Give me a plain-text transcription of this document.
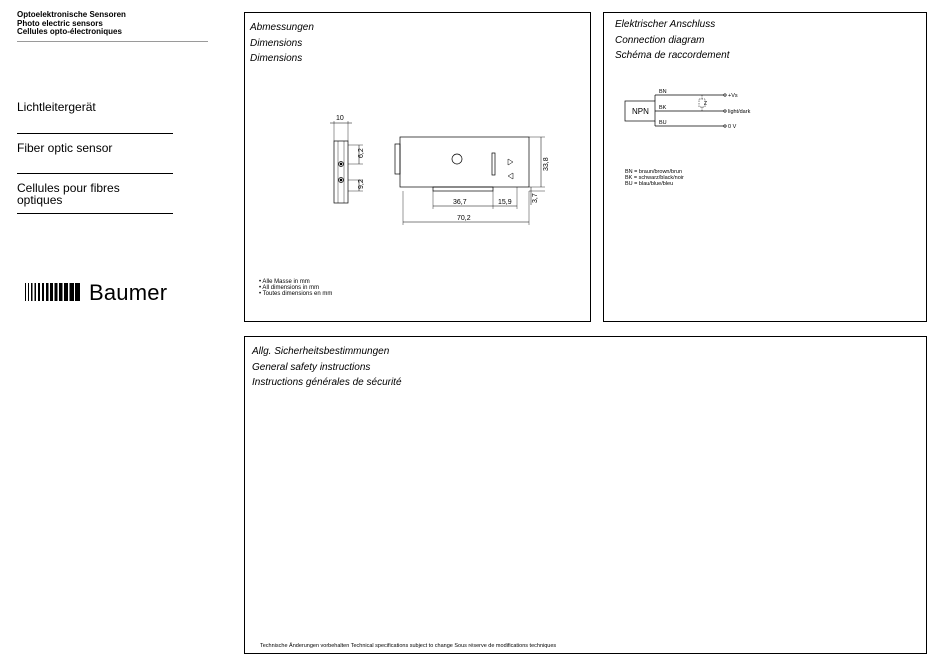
Optoelektronische Sensoren
Photo electric sensors
Cellules opto-électroniques
Lichtleitergerät
Fiber optic sensor
Cellules pour fibres
optiques
Baumer
Abmessungen
Dimensions
Dimensions
10
6,2
9,2
33,8
3,7
36,7	15,9
70,2
• Alle Masse in mm
• All dimensions in mm
• Toutes dimensions en mm
Elektrischer Anschluss
Connection diagram
Schéma de raccordement
NPN
BN
BK
BU
Z
+Vs
light/dark
0 V
BN = braun/brown/brun
BK = schwarz/black/noir
BU = blau/blue/bleu
Allg. Sicherheitsbestimmungen
General safety instructions
Instructions générales de sécurité
Technische Änderungen vorbehalten Technical specifications subject to change Sous réserve de modifications techniques
